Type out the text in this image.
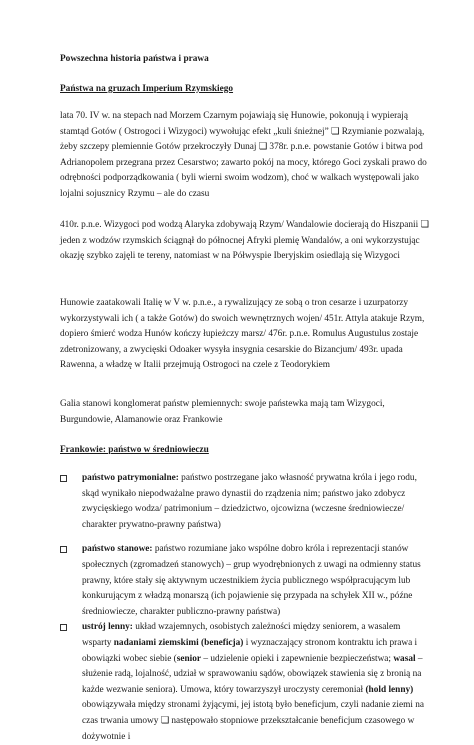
Powszechna historia państwa i prawa

Państwa na gruzach Imperium Rzymskiego

lata 70. IV w. na stepach nad Morzem Czarnym pojawiają się Hunowie, pokonują i wypierają stamtąd Gotów ( Ostrogoci i Wizygoci) wywołując efekt „kuli śnieżnej” ❏ Rzymianie pozwalają, żeby szczepy plemiennie Gotów przekroczyły Dunaj ❏ 378r. p.n.e. powstanie Gotów i bitwa pod Adrianopolem przegrana przez Cesarstwo; zawarto pokój na mocy, którego Goci zyskali prawo do odrębności podporządkowania ( byli wierni swoim wodzom), choć w walkach występowali jako lojalni sojusznicy Rzymu – ale do czasu

410r. p.n.e. Wizygoci pod wodzą Alaryka zdobywają Rzym/ Wandalowie docierają do Hiszpanii ❏ jeden z wodzów rzymskich ściągnął do północnej Afryki plemię Wandalów, a oni wykorzystując okazję szybko zajęli te tereny, natomiast w na Półwyspie Iberyjskim osiedlają się Wizygoci

Hunowie zaatakowali Italię w V w. p.n.e., a rywalizujący ze sobą o tron cesarze i uzurpatorzy wykorzystywali ich ( a także Gotów) do swoich wewnętrznych wojen/ 451r. Attyla atakuje Rzym, dopiero śmierć wodza Hunów kończy łupieżczy marsz/ 476r. p.n.e. Romulus Augustulus zostaje zdetronizowany, a zwycięski Odoaker wysyła insygnia cesarskie do Bizancjum/ 493r. upada Rawenna, a władzę w Italii przejmują Ostrogoci na czele z Teodorykiem

Galia stanowi konglomerat państw plemiennych: swoje państewka mają tam Wizygoci, Burgundowie, Alamanowie oraz Frankowie

Frankowie: państwo w średniowieczu

państwo patrymonialne: państwo postrzegane jako własność prywatna króla i jego rodu, skąd wynikało niepodważalne prawo dynastii do rządzenia nim; państwo jako zdobycz zwycięskiego wodza/ patrimonium – dziedzictwo, ojcowizna (wczesne średniowiecze/ charakter prywatno-prawny państwa)
państwo stanowe: państwo rozumiane jako wspólne dobro króla i reprezentacji stanów społecznych (zgromadzeń stanowych) – grup wyodrębnionych z uwagi na odmienny status prawny, które stały się aktywnym uczestnikiem życia publicznego współpracującym lub konkurującym z władzą monarszą (ich pojawienie się przypada na schyłek XII w., późne średniowiecze, charakter publiczno-prawny państwa)
ustrój lenny: układ wzajemnych, osobistych zależności między seniorem, a wasalem wsparty nadaniami ziemskimi (beneficja) i wyznaczający stronom kontraktu ich prawa i obowiązki wobec siebie (senior – udzielenie opieki i zapewnienie bezpieczeństwa; wasal – służenie radą, lojalność, udział w sprawowaniu sądów, obowiązek stawienia się z bronią na każde wezwanie seniora). Umowa, który towarzyszył uroczysty ceremoniał (hold lenny) obowiązywała między stronami żyjącymi, jej istotą było beneficjum, czyli nadanie ziemi na czas trwania umowy ❏ następowało stopniowe przekształcanie beneficjum czasowego w dożywotnie i
